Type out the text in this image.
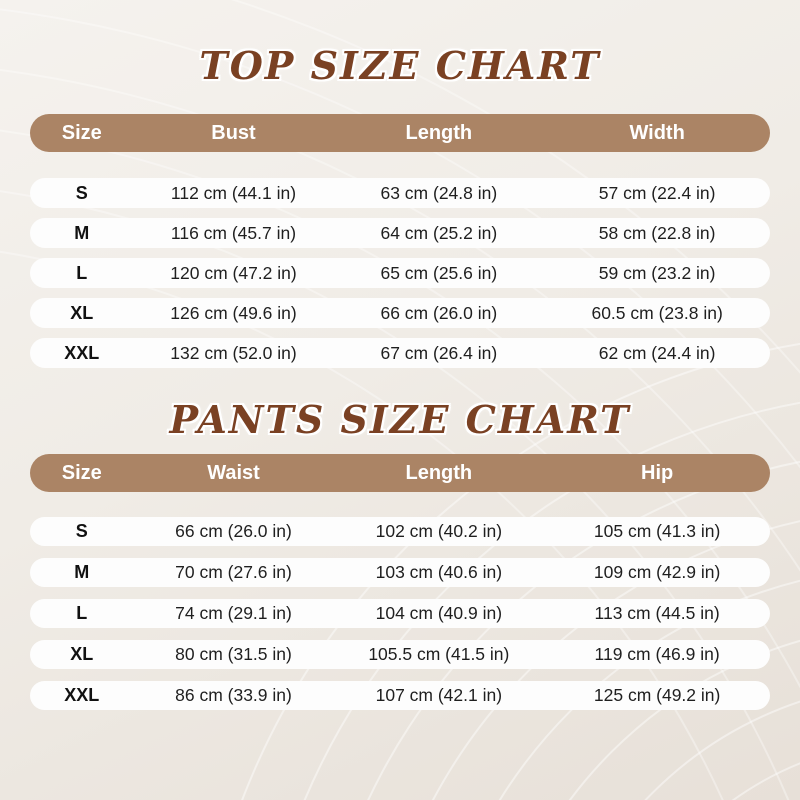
TOP SIZE CHART
Size	Bust	Length	Width
S	112 cm (44.1 in)	63 cm (24.8 in)	57 cm (22.4 in)
M	116 cm (45.7 in)	64 cm (25.2 in)	58 cm (22.8 in)
L	120 cm (47.2 in)	65 cm (25.6 in)	59 cm (23.2 in)
XL	126 cm (49.6 in)	66 cm (26.0 in)	60.5 cm (23.8 in)
XXL	132 cm (52.0 in)	67 cm (26.4 in)	62 cm (24.4 in)
PANTS SIZE CHART
Size	Waist	Length	Hip
S	66 cm (26.0 in)	102 cm (40.2 in)	105 cm (41.3 in)
M	70 cm (27.6 in)	103 cm (40.6 in)	109 cm (42.9 in)
L	74 cm (29.1 in)	104 cm (40.9 in)	113 cm (44.5 in)
XL	80 cm (31.5 in)	105.5 cm (41.5 in)	119 cm (46.9 in)
XXL	86 cm (33.9 in)	107 cm (42.1 in)	125 cm (49.2 in)
